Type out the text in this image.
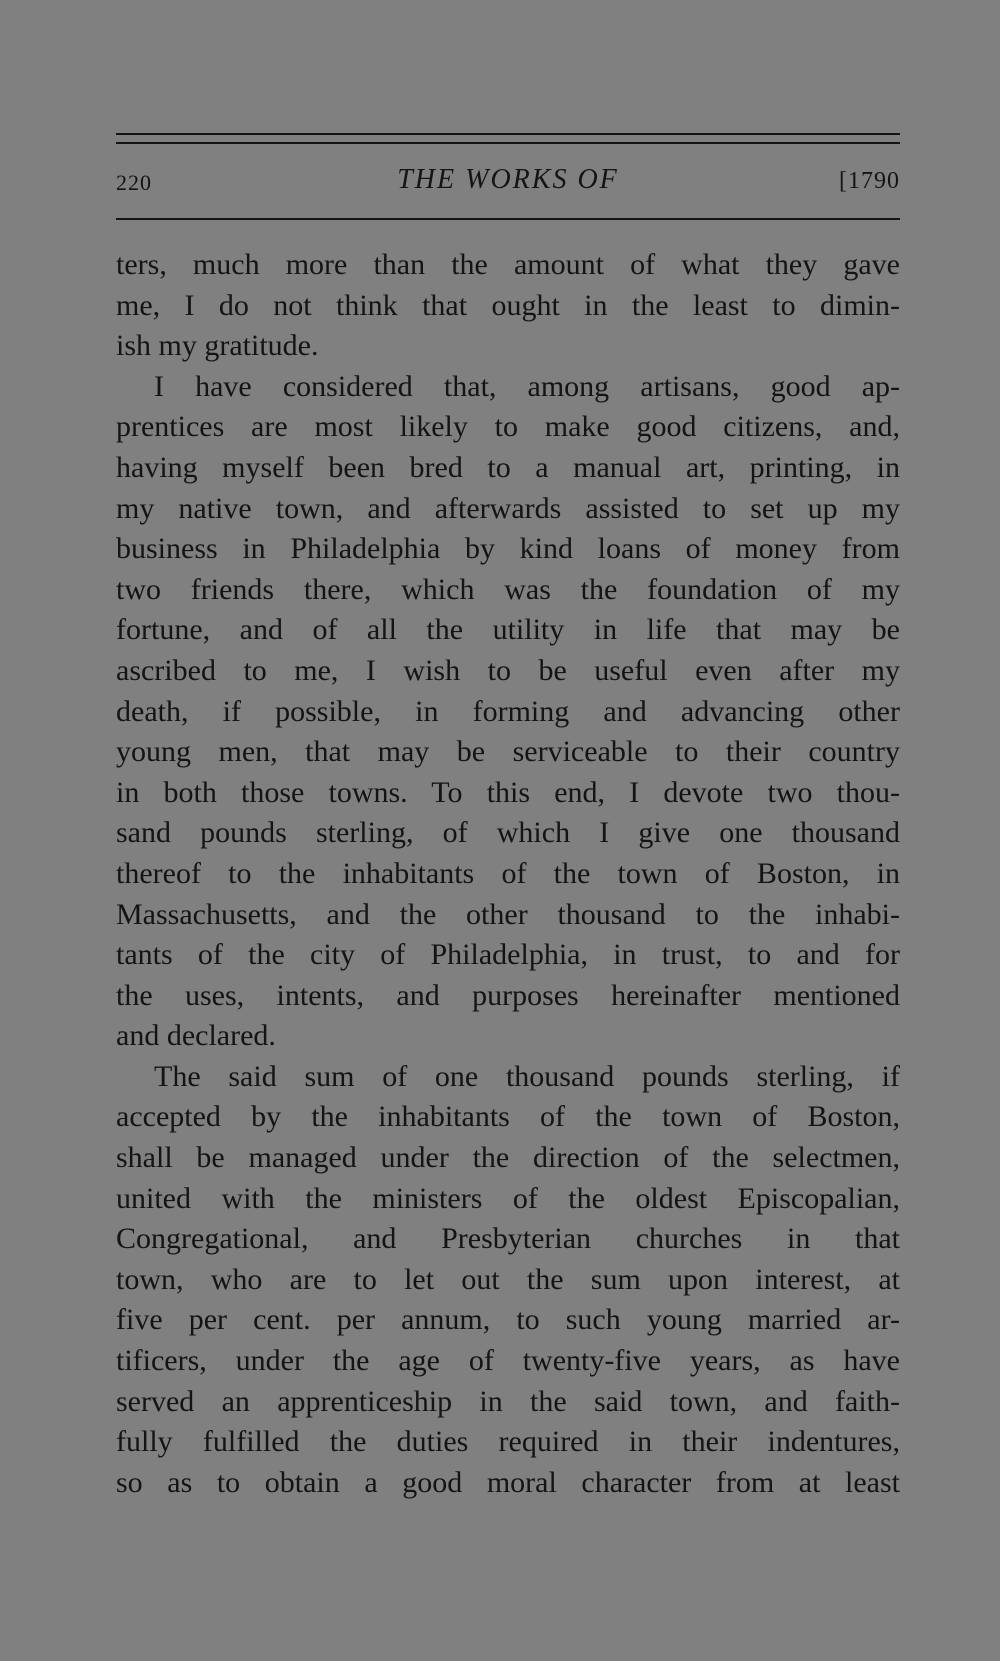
220	THE WORKS OF	[1790

ters, much more than the amount of what they gave
me, I do not think that ought in the least to dimin-
ish my gratitude.

I have considered that, among artisans, good ap-
prentices are most likely to make good citizens, and,
having myself been bred to a manual art, printing, in
my native town, and afterwards assisted to set up my
business in Philadelphia by kind loans of money from
two friends there, which was the foundation of my
fortune, and of all the utility in life that may be
ascribed to me, I wish to be useful even after my
death, if possible, in forming and advancing other
young men, that may be serviceable to their country
in both those towns. To this end, I devote two thou-
sand pounds sterling, of which I give one thousand
thereof to the inhabitants of the town of Boston, in
Massachusetts, and the other thousand to the inhabi-
tants of the city of Philadelphia, in trust, to and for
the uses, intents, and purposes hereinafter mentioned
and declared.

The said sum of one thousand pounds sterling, if
accepted by the inhabitants of the town of Boston,
shall be managed under the direction of the selectmen,
united with the ministers of the oldest Episcopalian,
Congregational, and Presbyterian churches in that
town, who are to let out the sum upon interest, at
five per cent. per annum, to such young married ar-
tificers, under the age of twenty-five years, as have
served an apprenticeship in the said town, and faith-
fully fulfilled the duties required in their indentures,
so as to obtain a good moral character from at least
